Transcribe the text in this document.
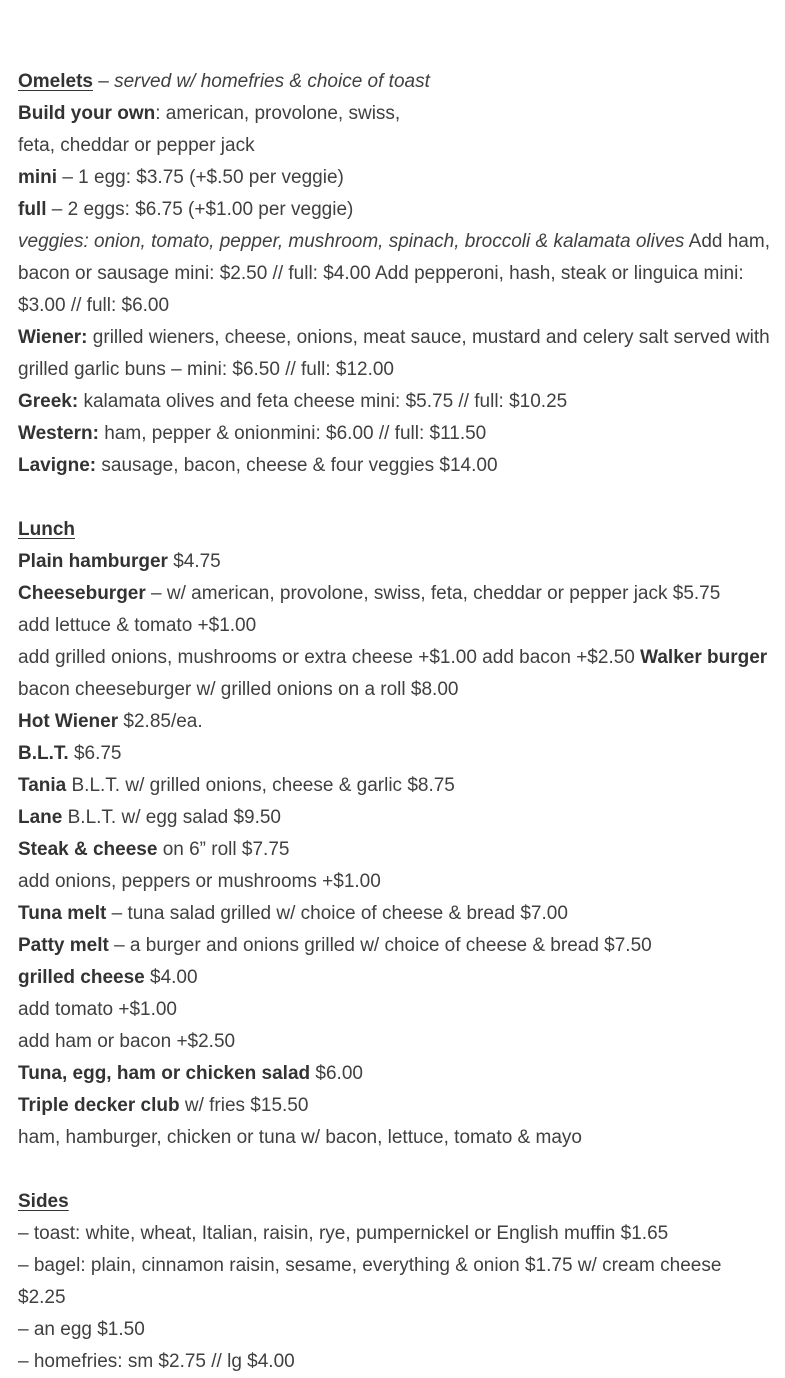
Omelets – served w/ homefries & choice of toast

Build your own: american, provolone, swiss,

feta, cheddar or pepper jack

mini – 1 egg: $3.75 (+$.50 per veggie)

full – 2 eggs: $6.75 (+$1.00 per veggie)

veggies: onion, tomato, pepper, mushroom, spinach, broccoli & kalamata olives Add ham, bacon or sausage mini: $2.50 // full: $4.00 Add pepperoni, hash, steak or linguica mini: $3.00 // full: $6.00

Wiener: grilled wieners, cheese, onions, meat sauce, mustard and celery salt served with grilled garlic buns – mini: $6.50 // full: $12.00

Greek: kalamata olives and feta cheese mini: $5.75 // full: $10.25

Western: ham, pepper & onionmini: $6.00 // full: $11.50

Lavigne: sausage, bacon, cheese & four veggies $14.00

Lunch

Plain hamburger $4.75

Cheeseburger – w/ american, provolone, swiss, feta, cheddar or pepper jack $5.75

add lettuce & tomato +$1.00

add grilled onions, mushrooms or extra cheese +$1.00 add bacon +$2.50 Walker burger bacon cheeseburger w/ grilled onions on a roll $8.00

Hot Wiener $2.85/ea.

B.L.T. $6.75

Tania B.L.T. w/ grilled onions, cheese & garlic $8.75

Lane B.L.T. w/ egg salad $9.50

Steak & cheese on 6” roll $7.75

add onions, peppers or mushrooms +$1.00

Tuna melt – tuna salad grilled w/ choice of cheese & bread $7.00

Patty melt – a burger and onions grilled w/ choice of cheese & bread $7.50

grilled cheese $4.00

add tomato +$1.00

add ham or bacon +$2.50

Tuna, egg, ham or chicken salad $6.00

Triple decker club w/ fries $15.50

ham, hamburger, chicken or tuna w/ bacon, lettuce, tomato & mayo

Sides

– toast: white, wheat, Italian, raisin, rye, pumpernickel or English muffin $1.65

– bagel: plain, cinnamon raisin, sesame, everything & onion $1.75 w/ cream cheese $2.25

– an egg $1.50

– homefries: sm $2.75 // lg $4.00
